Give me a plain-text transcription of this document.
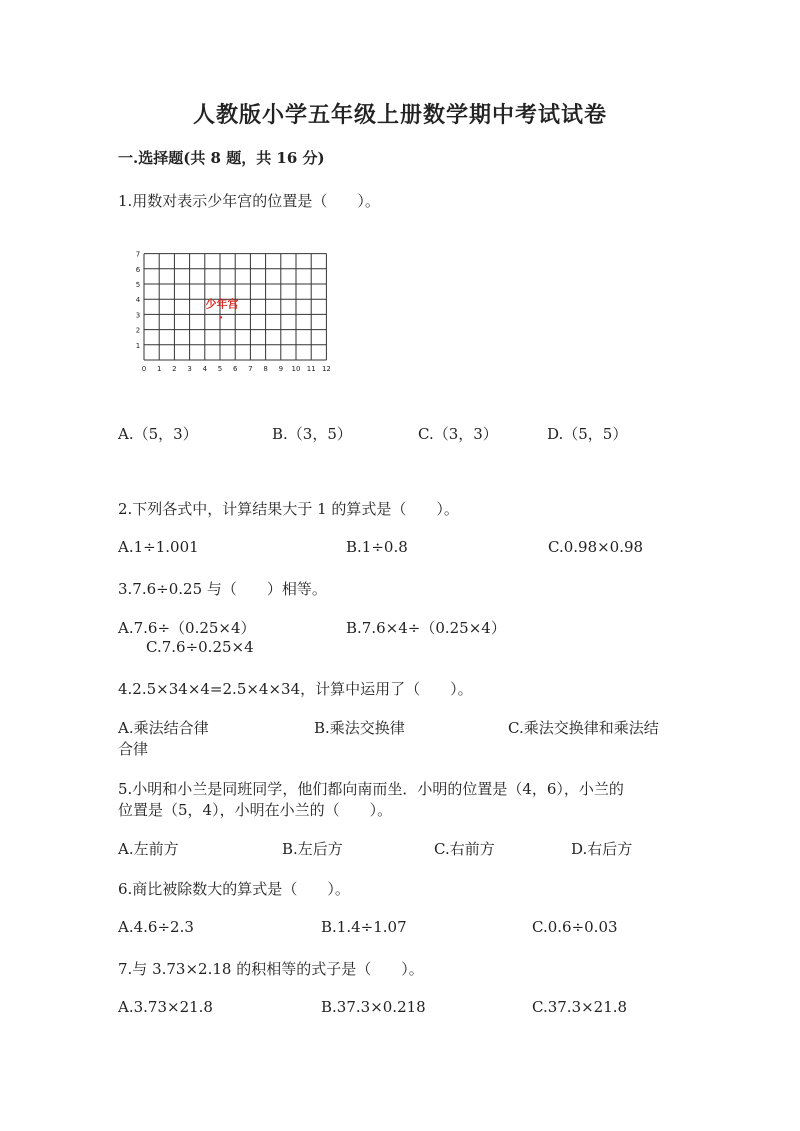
人教版小学五年级上册数学期中考试试卷
一.选择题(共 8 题，共 16 分)
1.用数对表示少年宫的位置是（　　）。
0 1 2 3 4 5 6 7 8 9 10 11 12
1
2
3
4
5
6
7
少年宫
A.（5，3）	B.（3，5）	C.（3，3）	D.（5，5）
2.下列各式中，计算结果大于 1 的算式是（　　）。
A.1÷1.001	B.1÷0.8	C.0.98×0.98
3.7.6÷0.25 与（　　）相等。
A.7.6÷（0.25×4）	B.7.6×4÷（0.25×4）
C.7.6÷0.25×4
4.2.5×34×4=2.5×4×34，计算中运用了（　　）。
A.乘法结合律	B.乘法交换律	C.乘法交换律和乘法结
合律
5.小明和小兰是同班同学，他们都向南而坐．小明的位置是（4，6），小兰的
位置是（5，4），小明在小兰的（　　）。
A.左前方	B.左后方	C.右前方	D.右后方
6.商比被除数大的算式是（　　）。
A.4.6÷2.3	B.1.4÷1.07	C.0.6÷0.03
7.与 3.73×2.18 的积相等的式子是（　　）。
A.3.73×21.8	B.37.3×0.218	C.37.3×21.8
